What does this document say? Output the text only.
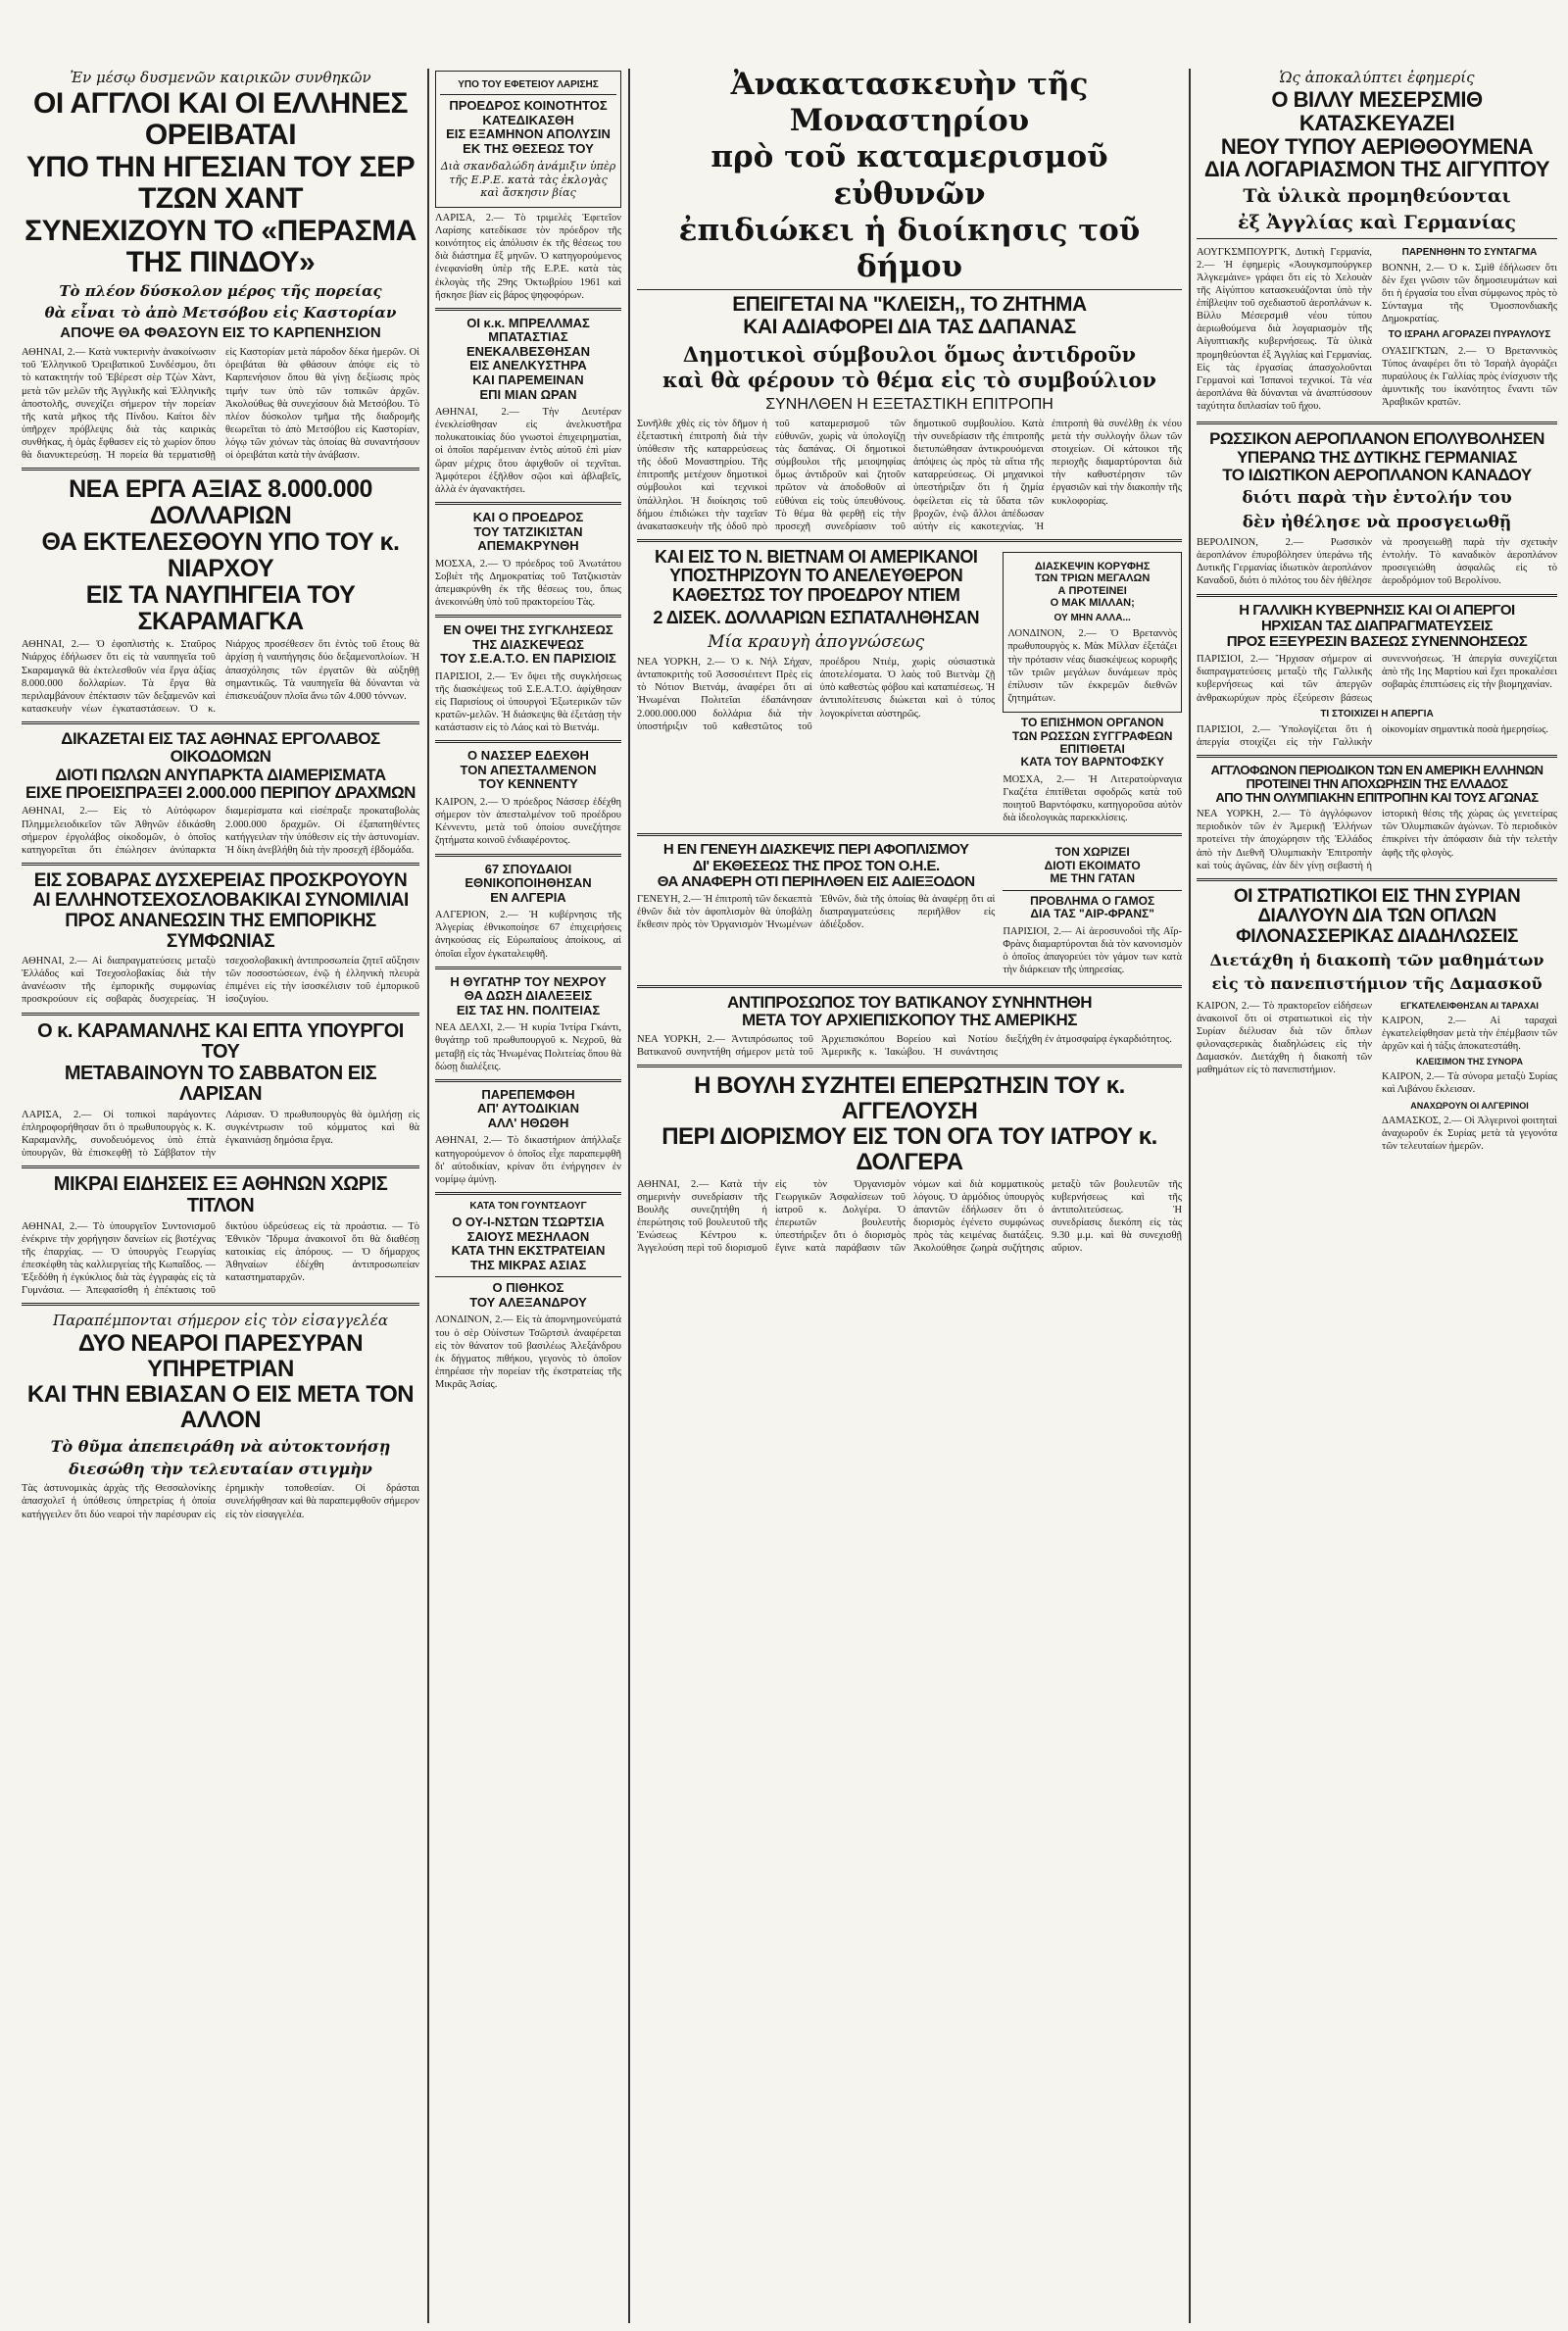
Ἐν μέσῳ δυσμενῶν καιρικῶν συνθηκῶν
ΟΙ ΑΓΓΛΟΙ ΚΑΙ ΟΙ ΕΛΛΗΝΕΣ ΟΡΕΙΒΑΤΑΙ
ΥΠΟ ΤΗΝ ΗΓΕΣΙΑΝ ΤΟΥ ΣΕΡ ΤΖΩΝ ΧΑΝΤ
ΣΥΝΕΧΙΖΟΥΝ ΤΟ «ΠΕΡΑΣΜΑ ΤΗΣ ΠΙΝΔΟΥ»
Τὸ πλέον δύσκολον μέρος τῆς πορείας
θὰ εἶναι τὸ ἀπὸ Μετσόβου εἰς Καστορίαν
ΑΠΟΨΕ ΘΑ ΦΘΑΣΟΥΝ ΕΙΣ ΤΟ ΚΑΡΠΕΝΗΣΙΟΝ
ΑΘΗΝΑΙ, 2.— Κατὰ νυκτερινὴν ἀνακοίνωσιν τοῦ Ἑλληνικοῦ Ὀρειβατικοῦ Συνδέσμου, ὅτι τὸ κατακτητήν τοῦ Ἐβέρεστ σὲρ Τζὼν Χὰντ, μετὰ τῶν μελῶν τῆς Ἀγγλικῆς καὶ Ἑλληνικῆς ἀποστολῆς, συνεχίζει σήμερον τὴν πορείαν τῆς κατὰ μῆκος τῆς Πίνδου. Καίτοι δὲν ὑπῆρχεν πρόβλεψις διὰ τὰς καιρικὰς συνθήκας, ἡ ὁμὰς ἔφθασεν εἰς τὸ χωρίον ὅπου θὰ διανυκτερεύσῃ. Ἡ πορεία θὰ τερματισθῇ εἰς Καστορίαν μετὰ πάροδον δέκα ἡμερῶν. Οἱ ὀρειβάται θὰ φθάσουν ἀπόψε εἰς τὸ Καρπενήσιον ὅπου θὰ γίνῃ δεξίωσις πρὸς τιμήν των ὑπὸ τῶν τοπικῶν ἀρχῶν. Ἀκολούθως θὰ συνεχίσουν διὰ Μετσόβου. Τὸ πλέον δύσκολον τμῆμα τῆς διαδρομῆς θεωρεῖται τὸ ἀπὸ Μετσόβου εἰς Καστορίαν, λόγῳ τῶν χιόνων τὰς ὁποίας θὰ συναντήσουν οἱ ὀρειβάται κατὰ τὴν ἀνάβασιν.
ΝΕΑ ΕΡΓΑ ΑΞΙΑΣ 8.000.000 ΔΟΛΛΑΡΙΩΝ
ΘΑ ΕΚΤΕΛΕΣΘΟΥΝ ΥΠΟ ΤΟΥ κ. ΝΙΑΡΧΟΥ
ΕΙΣ ΤΑ ΝΑΥΠΗΓΕΙΑ ΤΟΥ ΣΚΑΡΑΜΑΓΚΑ
ΑΘΗΝΑΙ, 2.— Ὁ ἐφοπλιστὴς κ. Σταῦρος Νιάρχος ἐδήλωσεν ὅτι εἰς τὰ ναυπηγεῖα τοῦ Σκαραμαγκᾶ θὰ ἐκτελεσθοῦν νέα ἔργα ἀξίας 8.000.000 δολλαρίων. Τὰ ἔργα θὰ περιλαμβάνουν ἐπέκτασιν τῶν δεξαμενῶν καὶ κατασκευὴν νέων ἐγκαταστάσεων. Ὁ κ. Νιάρχος προσέθεσεν ὅτι ἐντὸς τοῦ ἔτους θὰ ἀρχίσῃ ἡ ναυπήγησις δύο δεξαμενοπλοίων. Ἡ ἀπασχόλησις τῶν ἐργατῶν θὰ αὐξηθῇ σημαντικῶς. Τὰ ναυπηγεῖα θὰ δύνανται νὰ ἐπισκευάζουν πλοῖα ἄνω τῶν 4.000 τόννων.
ΔΙΚΑΖΕΤΑΙ ΕΙΣ ΤΑΣ ΑΘΗΝΑΣ ΕΡΓΟΛΑΒΟΣ ΟΙΚΟΔΟΜΩΝ
ΔΙΟΤΙ ΠΩΛΩΝ ΑΝΥΠΑΡΚΤΑ ΔΙΑΜΕΡΙΣΜΑΤΑ
ΕΙΧΕ ΠΡΟΕΙΣΠΡΑΞΕΙ 2.000.000 ΠΕΡΙΠΟΥ ΔΡΑΧΜΩΝ
ΑΘΗΝΑΙ, 2.— Εἰς τὸ Αὐτόφωρον Πλημμελειοδικεῖον τῶν Ἀθηνῶν ἐδικάσθη σήμερον ἐργολάβος οἰκοδομῶν, ὁ ὁποῖος κατηγορεῖται ὅτι ἐπώλησεν ἀνύπαρκτα διαμερίσματα καὶ εἰσέπραξε προκαταβολὰς 2.000.000 δραχμῶν. Οἱ ἐξαπατηθέντες κατήγγειλαν τὴν ὑπόθεσιν εἰς τὴν ἀστυνομίαν. Ἡ δίκη ἀνεβλήθη διὰ τὴν προσεχῆ ἑβδομάδα.
ΕΙΣ ΣΟΒΑΡΑΣ ΔΥΣΧΕΡΕΙΑΣ ΠΡΟΣΚΡΟΥΟΥΝ
ΑΙ ΕΛΛΗΝΟΤΣΕΧΟΣΛΟΒΑΚΙΚΑΙ ΣΥΝΟΜΙΛΙΑΙ
ΠΡΟΣ ΑΝΑΝΕΩΣΙΝ ΤΗΣ ΕΜΠΟΡΙΚΗΣ ΣΥΜΦΩΝΙΑΣ
ΑΘΗΝΑΙ, 2.— Αἱ διαπραγματεύσεις μεταξὺ Ἑλλάδος καὶ Τσεχοσλοβακίας διὰ τὴν ἀνανέωσιν τῆς ἐμπορικῆς συμφωνίας προσκρούουν εἰς σοβαρὰς δυσχερείας. Ἡ τσεχοσλοβακικὴ ἀντιπροσωπεία ζητεῖ αὔξησιν τῶν ποσοστώσεων, ἐνῷ ἡ ἑλληνικὴ πλευρὰ ἐπιμένει εἰς τὴν ἰσοσκέλισιν τοῦ ἐμπορικοῦ ἰσοζυγίου.
Ο κ. ΚΑΡΑΜΑΝΛΗΣ ΚΑΙ ΕΠΤΑ ΥΠΟΥΡΓΟΙ ΤΟΥ
ΜΕΤΑΒΑΙΝΟΥΝ ΤΟ ΣΑΒΒΑΤΟΝ ΕΙΣ ΛΑΡΙΣΑΝ
ΛΑΡΙΣΑ, 2.— Οἱ τοπικοὶ παράγοντες ἐπληροφορήθησαν ὅτι ὁ πρωθυπουργὸς κ. Κ. Καραμανλῆς, συνοδευόμενος ὑπὸ ἑπτὰ ὑπουργῶν, θὰ ἐπισκεφθῇ τὸ Σάββατον τὴν Λάρισαν. Ὁ πρωθυπουργὸς θὰ ὁμιλήσῃ εἰς συγκέντρωσιν τοῦ κόμματος καὶ θὰ ἐγκαινιάσῃ δημόσια ἔργα.
ΜΙΚΡΑΙ ΕΙΔΗΣΕΙΣ ΕΞ ΑΘΗΝΩΝ ΧΩΡΙΣ ΤΙΤΛΟΝ
ΑΘΗΝΑΙ, 2.— Τὸ ὑπουργεῖον Συντονισμοῦ ἐνέκρινε τὴν χορήγησιν δανείων εἰς βιοτέχνας τῆς ἐπαρχίας. — Ὁ ὑπουργὸς Γεωργίας ἐπεσκέφθη τὰς καλλιεργείας τῆς Κωπαΐδος. — Ἐξεδόθη ἡ ἐγκύκλιος διὰ τὰς ἐγγραφὰς εἰς τὰ Γυμνάσια. — Ἀπεφασίσθη ἡ ἐπέκτασις τοῦ δικτύου ὑδρεύσεως εἰς τὰ προάστια. — Τὸ Ἐθνικὸν Ἵδρυμα ἀνακοινοῖ ὅτι θὰ διαθέσῃ κατοικίας εἰς ἀπόρους. — Ὁ δήμαρχος Ἀθηναίων ἐδέχθη ἀντιπροσωπείαν καταστηματαρχῶν.
Παραπέμπονται σήμερον εἰς τὸν εἰσαγγελέα
ΔΥΟ ΝΕΑΡΟΙ ΠΑΡΕΣΥΡΑΝ ΥΠΗΡΕΤΡΙΑΝ
ΚΑΙ ΤΗΝ ΕΒΙΑΣΑΝ Ο ΕΙΣ ΜΕΤΑ ΤΟΝ ΑΛΛΟΝ
Τὸ θῦμα ἀπεπειράθη νὰ αὐτοκτονήσῃ
διεσώθη τὴν τελευταίαν στιγμὴν
Τὰς ἀστυνομικὰς ἀρχὰς τῆς Θεσσαλονίκης ἀπασχολεῖ ἡ ὑπόθεσις ὑπηρετρίας ἡ ὁποία κατήγγειλεν ὅτι δύο νεαροὶ τὴν παρέσυραν εἰς ἐρημικὴν τοποθεσίαν. Οἱ δράσται συνελήφθησαν καὶ θὰ παραπεμφθοῦν σήμερον εἰς τὸν εἰσαγγελέα.
ΥΠΟ ΤΟΥ ΕΦΕΤΕΙΟΥ ΛΑΡΙΣΗΣ
ΠΡΟΕΔΡΟΣ ΚΟΙΝΟΤΗΤΟΣ
ΚΑΤΕΔΙΚΑΣΘΗ
ΕΙΣ ΕΞΑΜΗΝΟΝ ΑΠΟΛΥΣΙΝ
ΕΚ ΤΗΣ ΘΕΣΕΩΣ ΤΟΥ
Διὰ σκανδαλώδη ἀνάμιξιν ὑπὲρ τῆς Ε.Ρ.Ε. κατὰ τὰς ἐκλογὰς καὶ ἄσκησιν βίας
ΛΑΡΙΣΑ, 2.— Τὸ τριμελὲς Ἐφετεῖον Λαρίσης κατεδίκασε τὸν πρόεδρον τῆς κοινότητος εἰς ἀπόλυσιν ἐκ τῆς θέσεως του διὰ διάστημα ἕξ μηνῶν. Ὁ κατηγορούμενος ἐνεφανίσθη ὑπὲρ τῆς Ε.Ρ.Ε. κατὰ τὰς ἐκλογὰς τῆς 29ης Ὀκτωβρίου 1961 καὶ ἤσκησε βίαν εἰς βάρος ψηφοφόρων.
ΟΙ κ.κ. ΜΠΡΕΛΛΜΑΣ
ΜΠΑΤΑΣΤΙΑΣ
ΕΝΕΚΑΛΒΕΣΘΗΣΑΝ
ΕΙΣ ΑΝΕΛΚΥΣΤΗΡΑ
ΚΑΙ ΠΑΡΕΜΕΙΝΑΝ
ΕΠΙ ΜΙΑΝ ΩΡΑΝ
ΑΘΗΝΑΙ, 2.— Τὴν Δευτέραν ἐνεκλείσθησαν εἰς ἀνελκυστῆρα πολυκατοικίας δύο γνωστοὶ ἐπιχειρηματίαι, οἱ ὁποῖοι παρέμειναν ἐντὸς αὐτοῦ ἐπὶ μίαν ὥραν μέχρις ὅτου ἀφιχθοῦν οἱ τεχνῖται. Ἀμφότεροι ἐξῆλθον σῷοι καὶ ἀβλαβεῖς, ἀλλὰ ἐν ἀγανακτήσει.
ΚΑΙ Ο ΠΡΟΕΔΡΟΣ
ΤΟΥ ΤΑΤΖΙΚΙΣΤΑΝ
ΑΠΕΜΑΚΡΥΝΘΗ
ΜΟΣΧΑ, 2.— Ὁ πρόεδρος τοῦ Ἀνωτάτου Σοβιὲτ τῆς Δημοκρατίας τοῦ Τατζικιστὰν ἀπεμακρύνθη ἐκ τῆς θέσεως του, ὅπως ἀνεκοινώθη ὑπὸ τοῦ πρακτορείου Τὰς.
ΕΝ ΟΨΕΙ ΤΗΣ ΣΥΓΚΛΗΣΕΩΣ
ΤΗΣ ΔΙΑΣΚΕΨΕΩΣ
ΤΟΥ Σ.Ε.Α.Τ.Ο. ΕΝ ΠΑΡΙΣΙΟΙΣ
ΠΑΡΙΣΙΟΙ, 2.— Ἐν ὄψει τῆς συγκλήσεως τῆς διασκέψεως τοῦ Σ.Ε.Α.Τ.Ο. ἀφίχθησαν εἰς Παρισίους οἱ ὑπουργοὶ Ἐξωτερικῶν τῶν κρατῶν-μελῶν. Ἡ διάσκεψις θὰ ἐξετάσῃ τὴν κατάστασιν εἰς τὸ Λάος καὶ τὸ Βιετνάμ.
Ο ΝΑΣΣΕΡ ΕΔΕΧΘΗ
ΤΟΝ ΑΠΕΣΤΑΛΜΕΝΟΝ
ΤΟΥ ΚΕΝΝΕΝΤΥ
ΚΑΙΡΟΝ, 2.— Ὁ πρόεδρος Νάσσερ ἐδέχθη σήμερον τὸν ἀπεσταλμένον τοῦ προέδρου Κέννεντυ, μετὰ τοῦ ὁποίου συνεζήτησε ζητήματα κοινοῦ ἐνδιαφέροντος.
67 ΣΠΟΥΔΑΙΟΙ
ΕΘΝΙΚΟΠΟΙΗΘΗΣΑΝ
ΕΝ ΑΛΓΕΡΙΑ
ΑΛΓΕΡΙΟΝ, 2.— Ἡ κυβέρνησις τῆς Ἀλγερίας ἐθνικοποίησε 67 ἐπιχειρήσεις ἀνηκούσας εἰς Εὐρωπαίους ἀποίκους, αἱ ὁποῖαι εἶχον ἐγκαταλειφθῆ.
Η ΘΥΓΑΤΗΡ ΤΟΥ ΝΕΧΡΟΥ
ΘΑ ΔΩΣΗ ΔΙΑΛΕΞΕΙΣ
ΕΙΣ ΤΑΣ ΗΝ. ΠΟΛΙΤΕΙΑΣ
ΝΕΑ ΔΕΛΧΙ, 2.— Ἡ κυρία Ἰντίρα Γκάντι, θυγάτηρ τοῦ πρωθυπουργοῦ κ. Νεχροῦ, θὰ μεταβῇ εἰς τὰς Ἡνωμένας Πολιτείας ὅπου θὰ δώσῃ διαλέξεις.
ΠΑΡΕΠΕΜΦΘΗ
ΑΠ' ΑΥΤΟΔΙΚΙΑΝ
ΑΛΛ' ΗΘΩΘΗ
ΑΘΗΝΑΙ, 2.— Τὸ δικαστήριον ἀπήλλαξε κατηγορούμενον ὁ ὁποῖος εἶχε παραπεμφθῆ δι' αὐτοδικίαν, κρίναν ὅτι ἐνήργησεν ἐν νομίμῳ ἀμύνῃ.
ΚΑΤΑ ΤΟΝ ΓΟΥΝΤΣΑΟΥΓ
Ο ΟΥ-Ι-ΝΣΤΩΝ ΤΣΩΡΤΣΙΑ
ΣΑΙΟΥΣ ΜΕΣΗΛΑΟΝ
ΚΑΤΑ ΤΗΝ ΕΚΣΤΡΑΤΕΙΑΝ
ΤΗΣ ΜΙΚΡΑΣ ΑΣΙΑΣ
Ο ΠΙΘΗΚΟΣ
ΤΟΥ ΑΛΕΞΑΝΔΡΟΥ
ΛΟΝΔΙΝΟΝ, 2.— Εἰς τὰ ἀπομνημονεύματά του ὁ σὲρ Οὐίνστων Τσῶρτσιλ ἀναφέρεται εἰς τὸν θάνατον τοῦ βασιλέως Ἀλεξάνδρου ἐκ δήγματος πιθήκου, γεγονὸς τὸ ὁποῖον ἐπηρέασε τὴν πορείαν τῆς ἐκστρατείας τῆς Μικρᾶς Ἀσίας.
Ἀνακατασκευὴν τῆς Μοναστηρίου
πρὸ τοῦ καταμερισμοῦ εὐθυνῶν
ἐπιδιώκει ἡ διοίκησις τοῦ δήμου
ΕΠΕΙΓΕΤΑΙ ΝΑ "ΚΛΕΙΣΗ,, ΤΟ ΖΗΤΗΜΑ
ΚΑΙ ΑΔΙΑΦΟΡΕΙ ΔΙΑ ΤΑΣ ΔΑΠΑΝΑΣ
Δημοτικοὶ σύμβουλοι ὅμως ἀντιδροῦν
καὶ θὰ φέρουν τὸ θέμα εἰς τὸ συμβούλιον
ΣΥΝΗΛΘΕΝ Η ΕΞΕΤΑΣΤΙΚΗ ΕΠΙΤΡΟΠΗ
Συνῆλθε χθὲς εἰς τὸν δῆμον ἡ ἐξεταστικὴ ἐπιτροπὴ διὰ τὴν ὑπόθεσιν τῆς καταρρεύσεως τῆς ὁδοῦ Μοναστηρίου. Τῆς ἐπιτροπῆς μετέχουν δημοτικοὶ σύμβουλοι καὶ τεχνικοὶ ὑπάλληλοι. Ἡ διοίκησις τοῦ δήμου ἐπιδιώκει τὴν ταχεῖαν ἀνακατασκευὴν τῆς ὁδοῦ πρὸ τοῦ καταμερισμοῦ τῶν εὐθυνῶν, χωρὶς νὰ ὑπολογίζῃ τὰς δαπάνας. Οἱ δημοτικοὶ σύμβουλοι τῆς μειοψηφίας ὅμως ἀντιδροῦν καὶ ζητοῦν πρῶτον νὰ ἀποδοθοῦν αἱ εὐθύναι εἰς τοὺς ὑπευθύνους. Τὸ θέμα θὰ φερθῇ εἰς τὴν προσεχῆ συνεδρίασιν τοῦ δημοτικοῦ συμβουλίου. Κατὰ τὴν συνεδρίασιν τῆς ἐπιτροπῆς διετυπώθησαν ἀντικρουόμεναι ἀπόψεις ὡς πρὸς τὰ αἴτια τῆς καταρρεύσεως. Οἱ μηχανικοὶ ὑπεστήριξαν ὅτι ἡ ζημία ὀφείλεται εἰς τὰ ὕδατα τῶν βροχῶν, ἐνῷ ἄλλοι ἀπέδωσαν αὐτὴν εἰς κακοτεχνίας. Ἡ ἐπιτροπὴ θὰ συνέλθῃ ἐκ νέου μετὰ τὴν συλλογὴν ὅλων τῶν στοιχείων. Οἱ κάτοικοι τῆς περιοχῆς διαμαρτύρονται διὰ τὴν καθυστέρησιν τῶν ἐργασιῶν καὶ τὴν διακοπὴν τῆς κυκλοφορίας.
ΚΑΙ ΕΙΣ ΤΟ Ν. ΒΙΕΤΝΑΜ ΟΙ ΑΜΕΡΙΚΑΝΟΙ
ΥΠΟΣΤΗΡΙΖΟΥΝ ΤΟ ΑΝΕΛΕΥΘΕΡΟΝ
ΚΑΘΕΣΤΩΣ ΤΟΥ ΠΡΟΕΔΡΟΥ ΝΤΙΕΜ
2 ΔΙΣΕΚ. ΔΟΛΛΑΡΙΩΝ ΕΣΠΑΤΑΛΗΘΗΣΑΝ
Μία κραυγὴ ἀπογνώσεως
ΝΕΑ ΥΟΡΚΗ, 2.— Ὁ κ. Νήλ Σήχαν, ἀνταποκριτὴς τοῦ Ἀσσοσιέιτεντ Πρὲς εἰς τὸ Νότιον Βιετνάμ, ἀναφέρει ὅτι αἱ Ἡνωμέναι Πολιτεῖαι ἐδαπάνησαν 2.000.000.000 δολλάρια διὰ τὴν ὑποστήριξιν τοῦ καθεστῶτος τοῦ προέδρου Ντιέμ, χωρὶς οὐσιαστικὰ ἀποτελέσματα. Ὁ λαὸς τοῦ Βιετνὰμ ζῇ ὑπὸ καθεστὼς φόβου καὶ καταπιέσεως. Ἡ ἀντιπολίτευσις διώκεται καὶ ὁ τύπος λογοκρίνεται αὐστηρῶς.
ΔΙΑΣΚΕΨΙΝ ΚΟΡΥΦΗΣ
ΤΩΝ ΤΡΙΩΝ ΜΕΓΑΛΩΝ
Α ΠΡΟΤΕΙΝΕΙ
Ο ΜΑΚ ΜΙΛΛΑΝ;
ΟΥ ΜΗΝ ΑΛΛΑ...
ΛΟΝΔΙΝΟΝ, 2.— Ὁ Βρεταννὸς πρωθυπουργὸς κ. Μὰκ Μίλλαν ἐξετάζει τὴν πρότασιν νέας διασκέψεως κορυφῆς τῶν τριῶν μεγάλων δυνάμεων πρὸς ἐπίλυσιν τῶν ἐκκρεμῶν διεθνῶν ζητημάτων.
ΤΟ ΕΠΙΣΗΜΟΝ ΟΡΓΑΝΟΝ
ΤΩΝ ΡΩΣΣΩΝ ΣΥΓΓΡΑΦΕΩΝ
ΕΠΙΤΙΘΕΤΑΙ
ΚΑΤΑ ΤΟΥ ΒΑΡΝΤΟΦΣΚΥ
ΜΟΣΧΑ, 2.— Ἡ Λιτερατοὺρναγια Γκαζέτα ἐπιτίθεται σφοδρῶς κατὰ τοῦ ποιητοῦ Βαρντόφσκυ, κατηγοροῦσα αὐτὸν διὰ ἰδεολογικὰς παρεκκλίσεις.
Η ΕΝ ΓΕΝΕΥΗ ΔΙΑΣΚΕΨΙΣ ΠΕΡΙ ΑΦΟΠΛΙΣΜΟΥ
ΔΙ' ΕΚΘΕΣΕΩΣ ΤΗΣ ΠΡΟΣ ΤΟΝ Ο.Η.Ε.
ΘΑ ΑΝΑΦΕΡΗ ΟΤΙ ΠΕΡΙΗΛΘΕΝ ΕΙΣ ΑΔΙΕΞΟΔΟΝ
ΓΕΝΕΥΗ, 2.— Ἡ ἐπιτροπὴ τῶν δεκαεπτὰ ἐθνῶν διὰ τὸν ἀφοπλισμὸν θὰ ὑποβάλῃ ἔκθεσιν πρὸς τὸν Ὀργανισμὸν Ἡνωμένων Ἐθνῶν, διὰ τῆς ὁποίας θὰ ἀναφέρῃ ὅτι αἱ διαπραγματεύσεις περιῆλθον εἰς ἀδιέξοδον.
ΤΟΝ ΧΩΡΙΖΕΙ
ΔΙΟΤΙ ΕΚΟΙΜΑΤΟ
ΜΕ ΤΗΝ ΓΑΤΑΝ
ΠΡΟΒΛΗΜΑ Ο ΓΑΜΟΣ
ΔΙΑ ΤΑΣ "ΑΙΡ-ΦΡΑΝΣ"
ΠΑΡΙΣΙΟΙ, 2.— Αἱ ἀεροσυνοδοὶ τῆς Αἴρ-Φρὰνς διαμαρτύρονται διὰ τὸν κανονισμὸν ὁ ὁποῖος ἀπαγορεύει τὸν γάμον των κατὰ τὴν διάρκειαν τῆς ὑπηρεσίας.
ΑΝΤΙΠΡΟΣΩΠΟΣ ΤΟΥ ΒΑΤΙΚΑΝΟΥ ΣΥΝΗΝΤΗΘΗ
ΜΕΤΑ ΤΟΥ ΑΡΧΙΕΠΙΣΚΟΠΟΥ ΤΗΣ ΑΜΕΡΙΚΗΣ
ΝΕΑ ΥΟΡΚΗ, 2.— Ἀντιπρόσωπος τοῦ Βατικανοῦ συνηντήθη σήμερον μετὰ τοῦ Ἀρχιεπισκόπου Βορείου καὶ Νοτίου Ἀμερικῆς κ. Ἰακώβου. Ἡ συνάντησις διεξήχθη ἐν ἀτμοσφαίρᾳ ἐγκαρδιότητος.
Η ΒΟΥΛΗ ΣΥΖΗΤΕΙ ΕΠΕΡΩΤΗΣΙΝ ΤΟΥ κ. ΑΓΓΕΛΟΥΣΗ
ΠΕΡΙ ΔΙΟΡΙΣΜΟΥ ΕΙΣ ΤΟΝ ΟΓΑ ΤΟΥ ΙΑΤΡΟΥ κ. ΔΟΛΓΕΡΑ
ΑΘΗΝΑΙ, 2.— Κατὰ τὴν σημερινὴν συνεδρίασιν τῆς Βουλῆς συνεζητήθη ἡ ἐπερώτησις τοῦ βουλευτοῦ τῆς Ἑνώσεως Κέντρου κ. Ἀγγελούση περὶ τοῦ διορισμοῦ εἰς τὸν Ὀργανισμὸν Γεωργικῶν Ἀσφαλίσεων τοῦ ἰατροῦ κ. Δολγέρα. Ὁ ἐπερωτῶν βουλευτὴς ὑπεστήριξεν ὅτι ὁ διορισμὸς ἔγινε κατὰ παράβασιν τῶν νόμων καὶ διὰ κομματικοὺς λόγους. Ὁ ἁρμόδιος ὑπουργὸς ἀπαντῶν ἐδήλωσεν ὅτι ὁ διορισμὸς ἐγένετο συμφώνως πρὸς τὰς κειμένας διατάξεις. Ἀκολούθησε ζωηρὰ συζήτησις μεταξὺ τῶν βουλευτῶν τῆς κυβερνήσεως καὶ τῆς ἀντιπολιτεύσεως. Ἡ συνεδρίασις διεκόπη εἰς τὰς 9.30 μ.μ. καὶ θὰ συνεχισθῇ αὔριον.
Ὡς ἀποκαλύπτει ἐφημερίς
Ο ΒΙΛΛΥ ΜΕΣΕΡΣΜΙΘ ΚΑΤΑΣΚΕΥΑΖΕΙ
ΝΕΟΥ ΤΥΠΟΥ ΑΕΡΙΘΘΟΥΜΕΝΑ
ΔΙΑ ΛΟΓΑΡΙΑΣΜΟΝ ΤΗΣ ΑΙΓΥΠΤΟΥ
Τὰ ὑλικὰ προμηθεύονται
ἐξ Ἀγγλίας καὶ Γερμανίας
ΑΟΥΓΚΣΜΠΟΥΡΓΚ, Δυτικὴ Γερμανία, 2.— Ἡ ἐφημερὶς «Ἀουγκσμπούργκερ Ἀλγκεμάινε» γράφει ὅτι εἰς τὸ Χελουὰν τῆς Αἰγύπτου κατασκευάζονται ὑπὸ τὴν ἐπίβλεψιν τοῦ σχεδιαστοῦ ἀεροπλάνων κ. Βίλλυ Μέσερσμιθ νέου τύπου ἀεριωθούμενα διὰ λογαριασμὸν τῆς Αἰγυπτιακῆς κυβερνήσεως. Τὰ ὑλικὰ προμηθεύονται ἐξ Ἀγγλίας καὶ Γερμανίας. Εἰς τὰς ἐργασίας ἀπασχολοῦνται Γερμανοὶ καὶ Ἰσπανοὶ τεχνικοί. Τὰ νέα ἀεροπλάνα θὰ δύνανται νὰ ἀναπτύσσουν ταχύτητα διπλασίαν τοῦ ἤχου.
ΠΑΡΕΝΗΘΗΝ ΤΟ ΣΥΝΤΑΓΜΑ
ΒΟΝΝΗ, 2.— Ὁ κ. Σμὶθ ἐδήλωσεν ὅτι δὲν ἔχει γνῶσιν τῶν δημοσιευμάτων καὶ ὅτι ἡ ἐργασία του εἶναι σύμφωνος πρὸς τὸ Σύνταγμα τῆς Ὁμοσπονδιακῆς Δημοκρατίας.
ΤΟ ΙΣΡΑΗΛ ΑΓΟΡΑΖΕΙ ΠΥΡΑΥΛΟΥΣ
ΟΥΑΣΙΓΚΤΩΝ, 2.— Ὁ Βρεταννικὸς Τύπος ἀναφέρει ὅτι τὸ Ἰσραὴλ ἀγοράζει πυραύλους ἐκ Γαλλίας πρὸς ἐνίσχυσιν τῆς ἀμυντικῆς του ἱκανότητος ἔναντι τῶν Ἀραβικῶν κρατῶν.
ΡΩΣΣΙΚΟΝ ΑΕΡΟΠΛΑΝΟΝ ΕΠΟΛΥΒΟΛΗΣΕΝ
ΥΠΕΡΑΝΩ ΤΗΣ ΔΥΤΙΚΗΣ ΓΕΡΜΑΝΙΑΣ
ΤΟ ΙΔΙΩΤΙΚΟΝ ΑΕΡΟΠΛΑΝΟΝ ΚΑΝΑΔΟΥ
διότι παρὰ τὴν ἐντολήν του
δὲν ἠθέλησε νὰ προσγειωθῇ
ΒΕΡΟΛΙΝΟΝ, 2.— Ρωσσικὸν ἀεροπλάνον ἐπυροβόλησεν ὑπεράνω τῆς Δυτικῆς Γερμανίας ἰδιωτικὸν ἀεροπλάνον Καναδοῦ, διότι ὁ πιλότος του δὲν ἠθέλησε νὰ προσγειωθῇ παρὰ τὴν σχετικὴν ἐντολήν. Τὸ καναδικὸν ἀεροπλάνον προσεγειώθη ἀσφαλῶς εἰς τὸ ἀεροδρόμιον τοῦ Βερολίνου.
Η ΓΑΛΛΙΚΗ ΚΥΒΕΡΝΗΣΙΣ ΚΑΙ ΟΙ ΑΠΕΡΓΟΙ
ΗΡΧΙΣΑΝ ΤΑΣ ΔΙΑΠΡΑΓΜΑΤΕΥΣΕΙΣ
ΠΡΟΣ ΕΞΕΥΡΕΣΙΝ ΒΑΣΕΩΣ ΣΥΝΕΝΝΟΗΣΕΩΣ
ΠΑΡΙΣΙΟΙ, 2.— Ἤρχισαν σήμερον αἱ διαπραγματεύσεις μεταξὺ τῆς Γαλλικῆς κυβερνήσεως καὶ τῶν ἀπεργῶν ἀνθρακωρύχων πρὸς ἐξεύρεσιν βάσεως συνεννοήσεως. Ἡ ἀπεργία συνεχίζεται ἀπὸ τῆς 1ης Μαρτίου καὶ ἔχει προκαλέσει σοβαρὰς ἐπιπτώσεις εἰς τὴν βιομηχανίαν.
ΤΙ ΣΤΟΙΧΙΖΕΙ Η ΑΠΕΡΓΙΑ
ΠΑΡΙΣΙΟΙ, 2.— Ὑπολογίζεται ὅτι ἡ ἀπεργία στοιχίζει εἰς τὴν Γαλλικὴν οἰκονομίαν σημαντικὰ ποσὰ ἡμερησίως.
ΑΓΓΛΟΦΩΝΟΝ ΠΕΡΙΟΔΙΚΟΝ ΤΩΝ ΕΝ ΑΜΕΡΙΚΗ ΕΛΛΗΝΩΝ
ΠΡΟΤΕΙΝΕΙ ΤΗΝ ΑΠΟΧΩΡΗΣΙΝ ΤΗΣ ΕΛΛΑΔΟΣ
ΑΠΟ ΤΗΝ ΟΛΥΜΠΙΑΚΗΝ ΕΠΙΤΡΟΠΗΝ ΚΑΙ ΤΟΥΣ ΑΓΩΝΑΣ
ΝΕΑ ΥΟΡΚΗ, 2.— Τὸ ἀγγλόφωνον περιοδικὸν τῶν ἐν Ἀμερικῇ Ἑλλήνων προτείνει τὴν ἀποχώρησιν τῆς Ἑλλάδος ἀπὸ τὴν Διεθνῆ Ὀλυμπιακὴν Ἐπιτροπὴν καὶ τοὺς ἀγῶνας, ἐὰν δὲν γίνῃ σεβαστὴ ἡ ἱστορικὴ θέσις τῆς χώρας ὡς γενετείρας τῶν Ὀλυμπιακῶν ἀγώνων. Τὸ περιοδικὸν ἐπικρίνει τὴν ἀπόφασιν διὰ τὴν τελετὴν ἀφῆς τῆς φλογὸς.
ΟΙ ΣΤΡΑΤΙΩΤΙΚΟΙ ΕΙΣ ΤΗΝ ΣΥΡΙΑΝ
ΔΙΑΛΥΟΥΝ ΔΙΑ ΤΩΝ ΟΠΛΩΝ
ΦΙΛΟΝΑΣΣΕΡΙΚΑΣ ΔΙΑΔΗΛΩΣΕΙΣ
Διετάχθη ἡ διακοπὴ τῶν μαθημάτων
εἰς τὸ πανεπιστήμιον τῆς Δαμασκοῦ
ΚΑΙΡΟΝ, 2.— Τὸ πρακτορεῖον εἰδήσεων ἀνακοινοῖ ὅτι οἱ στρατιωτικοὶ εἰς τὴν Συρίαν διέλυσαν διὰ τῶν ὅπλων φιλοναςσερικὰς διαδηλώσεις εἰς τὴν Δαμασκόν. Διετάχθη ἡ διακοπὴ τῶν μαθημάτων εἰς τὸ πανεπιστήμιον.
ΕΓΚΑΤΕΛΕΙΦΘΗΣΑΝ ΑΙ ΤΑΡΑΧΑΙ
ΚΑΙΡΟΝ, 2.— Αἱ ταραχαὶ ἐγκατελείφθησαν μετὰ τὴν ἐπέμβασιν τῶν ἀρχῶν καὶ ἡ τάξις ἀποκατεστάθη.
ΚΛΕΙΣΙΜΟΝ ΤΗΣ ΣΥΝΟΡΑ
ΚΑΙΡΟΝ, 2.— Τὰ σύνορα μεταξὺ Συρίας καὶ Λιβάνου ἔκλεισαν.
ΑΝΑΧΩΡΟΥΝ ΟΙ ΑΛΓΕΡΙΝΟΙ
ΔΑΜΑΣΚΟΣ, 2.— Οἱ Ἀλγερινοὶ φοιτηταὶ ἀναχωροῦν ἐκ Συρίας μετὰ τὰ γεγονότα τῶν τελευταίων ἡμερῶν.
